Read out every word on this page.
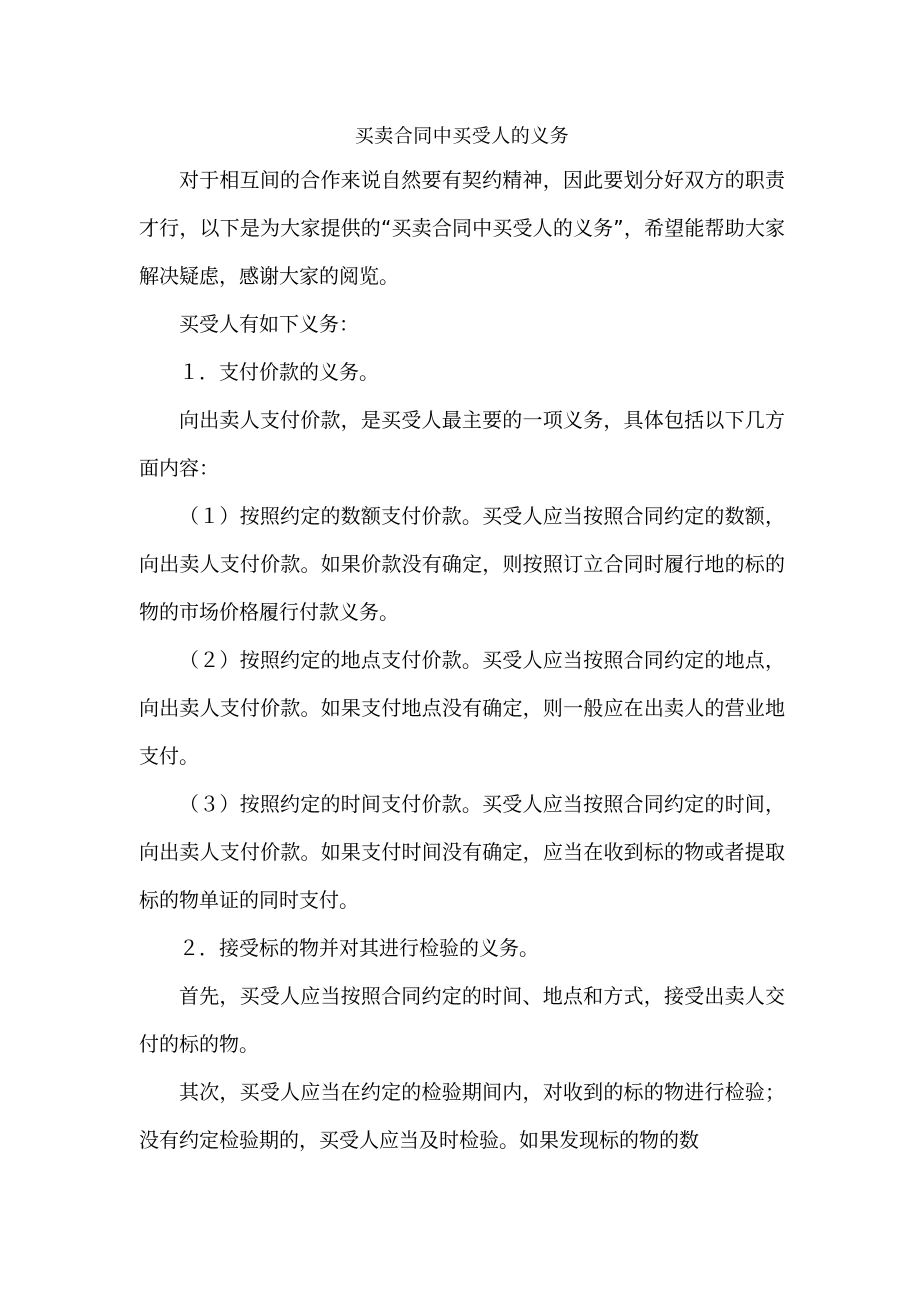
买卖合同中买受人的义务

对于相互间的合作来说自然要有契约精神，因此要划分好双方的职责才行，以下是为大家提供的“买卖合同中买受人的义务”，希望能帮助大家解决疑虑，感谢大家的阅览。

买受人有如下义务：

１．支付价款的义务。

向出卖人支付价款，是买受人最主要的一项义务，具体包括以下几方面内容：

（１）按照约定的数额支付价款。买受人应当按照合同约定的数额，向出卖人支付价款。如果价款没有确定，则按照订立合同时履行地的标的物的市场价格履行付款义务。

（２）按照约定的地点支付价款。买受人应当按照合同约定的地点，向出卖人支付价款。如果支付地点没有确定，则一般应在出卖人的营业地支付。

（３）按照约定的时间支付价款。买受人应当按照合同约定的时间，向出卖人支付价款。如果支付时间没有确定，应当在收到标的物或者提取标的物单证的同时支付。

２．接受标的物并对其进行检验的义务。

首先，买受人应当按照合同约定的时间、地点和方式，接受出卖人交付的标的物。

其次，买受人应当在约定的检验期间内，对收到的标的物进行检验；没有约定检验期的，买受人应当及时检验。如果发现标的物的数
